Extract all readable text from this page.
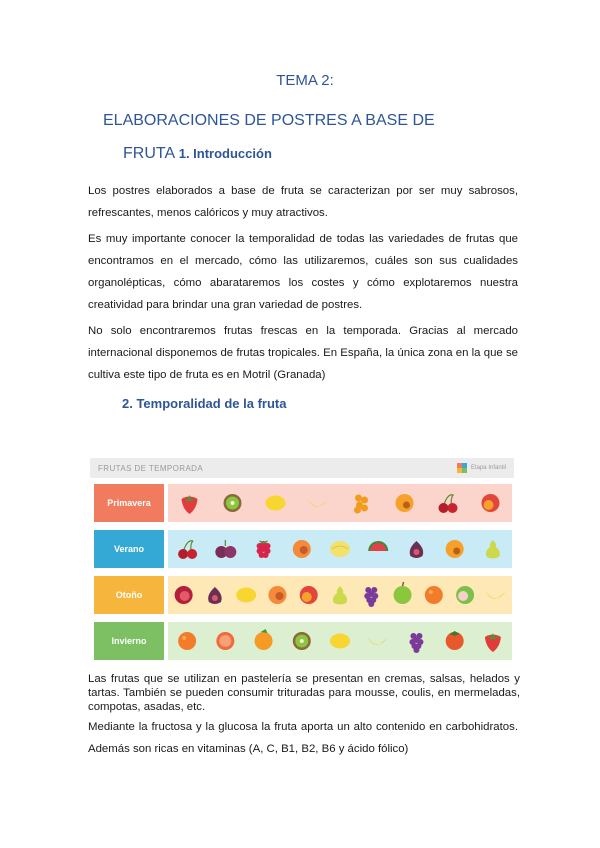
TEMA 2:
ELABORACIONES DE POSTRES A BASE DE
FRUTA 1. Introducción

Los postres elaborados a base de fruta se caracterizan por ser muy sabrosos, refrescantes, menos calóricos y muy atractivos.

Es muy importante conocer la temporalidad de todas las variedades de frutas que encontramos en el mercado, cómo las utilizaremos, cuáles son sus cualidades organolépticas, cómo abarataremos los costes y cómo explotaremos nuestra creatividad para brindar una gran variedad de postres.

No solo encontraremos frutas frescas en la temporada. Gracias al mercado internacional disponemos de frutas tropicales. En España, la única zona en la que se cultiva este tipo de fruta es en Motril (Granada)

2. Temporalidad de la fruta
FRUTAS DE TEMPORADA	Etapa Infantil
Primavera
Verano
Otoño
Invierno

Las frutas que se utilizan en pastelería se presentan en cremas, salsas, helados y tartas. También se pueden consumir trituradas para mousse, coulis, en mermeladas, compotas, asadas, etc.

Mediante la fructosa y la glucosa la fruta aporta un alto contenido en carbohidratos. Además son ricas en vitaminas (A, C, B1, B2, B6 y ácido fólico)
